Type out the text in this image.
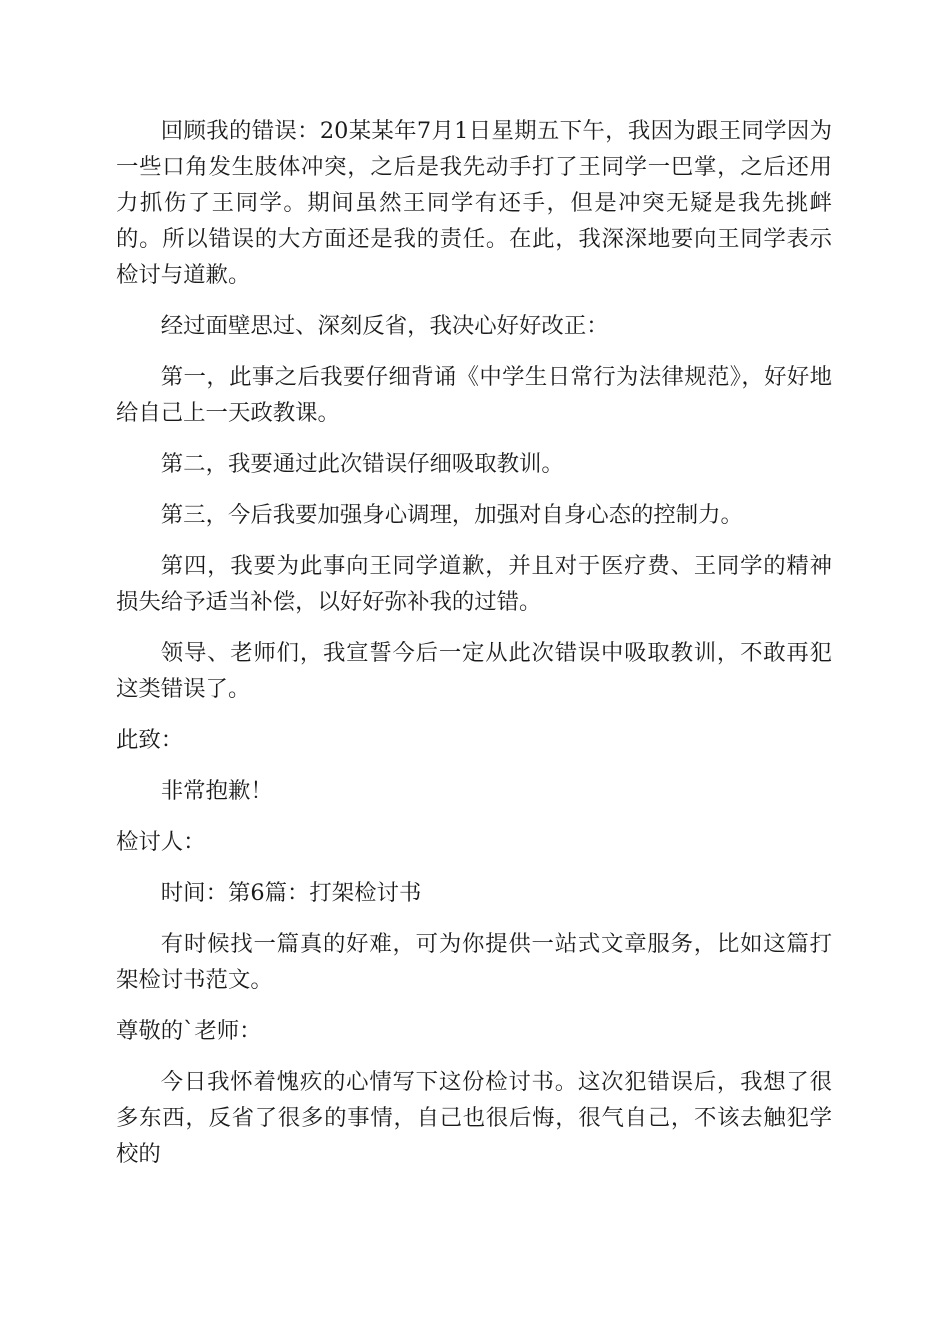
回顾我的错误：20某某年7月1日星期五下午，我因为跟王同学因为一些口角发生肢体冲突，之后是我先动手打了王同学一巴掌，之后还用力抓伤了王同学。期间虽然王同学有还手，但是冲突无疑是我先挑衅的。所以错误的大方面还是我的责任。在此，我深深地要向王同学表示检讨与道歉。

经过面壁思过、深刻反省，我决心好好改正：

第一，此事之后我要仔细背诵《中学生日常行为法律规范》，好好地给自己上一天政教课。

第二，我要通过此次错误仔细吸取教训。

第三，今后我要加强身心调理，加强对自身心态的控制力。

第四，我要为此事向王同学道歉，并且对于医疗费、王同学的精神损失给予适当补偿，以好好弥补我的过错。

领导、老师们，我宣誓今后一定从此次错误中吸取教训，不敢再犯这类错误了。

此致：

非常抱歉！

检讨人：

时间：第6篇：打架检讨书

有时候找一篇真的好难，可为你提供一站式文章服务，比如这篇打架检讨书范文。

尊敬的`老师：

今日我怀着愧疚的心情写下这份检讨书。这次犯错误后，我想了很多东西，反省了很多的事情，自己也很后悔，很气自己，不该去触犯学校的
